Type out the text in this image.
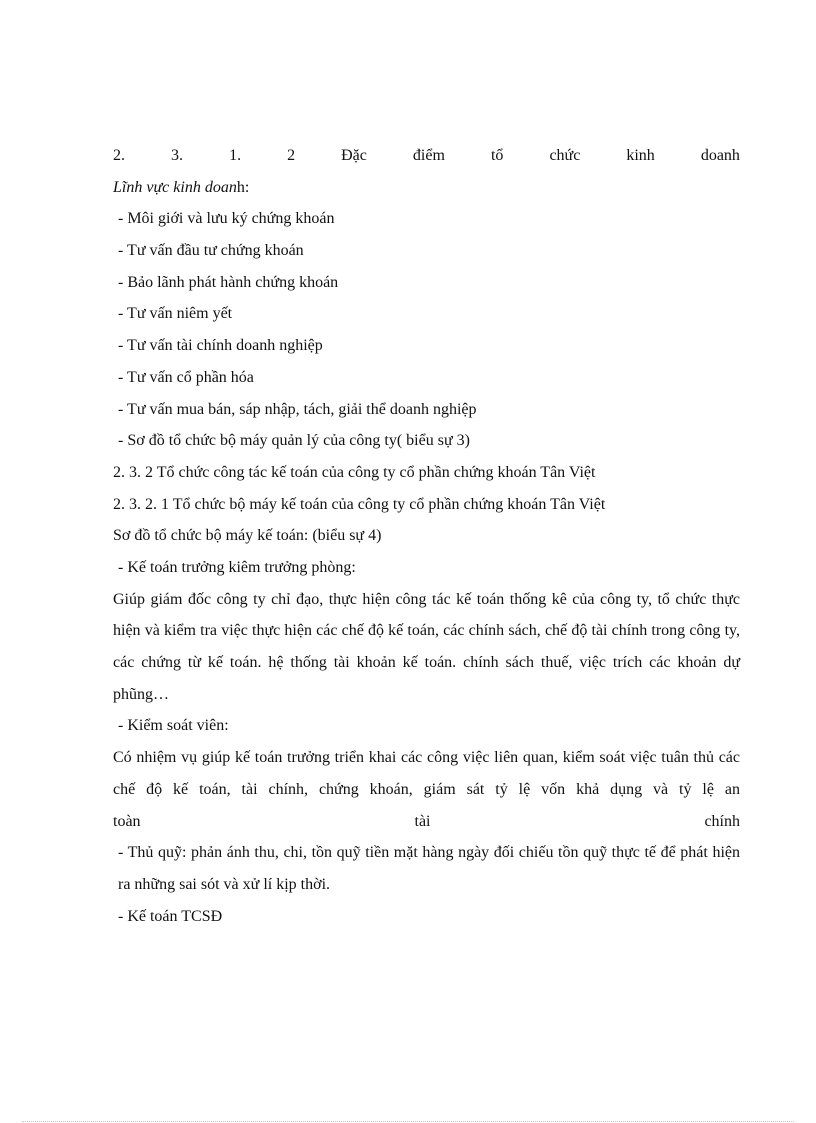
2.	3.	1.	2	Đặc	điểm	tổ	chức	kinh	doanh
Lĩnh vực kinh doanh:
- Môi giới và lưu ký chứng khoán
- Tư vấn đầu tư chứng khoán
- Bảo lãnh phát hành chứng khoán
- Tư vấn niêm yết
- Tư vấn tài chính doanh nghiệp
- Tư vấn cổ phần hóa
- Tư vấn mua bán, sáp nhập, tách, giải thể doanh nghiệp
- Sơ đồ tổ chức bộ máy quản lý của công ty( biểu sự 3)
2. 3. 2 Tổ chức công tác kế toán của công ty cổ phần chứng khoán Tân Việt
2. 3. 2. 1 Tổ chức bộ máy kế toán của công ty cổ phần chứng khoán Tân Việt
Sơ đồ tổ chức bộ máy kế toán: (biểu sự 4)
- Kế toán trưởng kiêm trưởng phòng:

Giúp giám đốc công ty chỉ đạo, thực hiện công tác kế toán thống kê của công ty, tổ chức thực hiện và kiểm tra việc thực hiện các chế độ kế toán, các chính sách, chế độ tài chính trong công ty, các chứng từ kế toán. hệ thống tài khoản kế toán. chính sách thuế, việc trích các khoản dự phũng…

- Kiểm soát viên:

Có nhiệm vụ giúp kế toán trưởng triển khai các công việc liên quan, kiểm soát việc tuân thủ các chế độ kế toán, tài chính, chứng khoán, giám sát tỷ lệ vốn khả dụng và tỷ lệ an

toàn	tài	chính

- Thủ quỹ: phản ánh thu, chi, tồn quỹ tiền mặt hàng ngày đối chiếu tồn quỹ thực tế để phát hiện ra những sai sót và xử lí kịp thời.

- Kế toán TCSĐ
